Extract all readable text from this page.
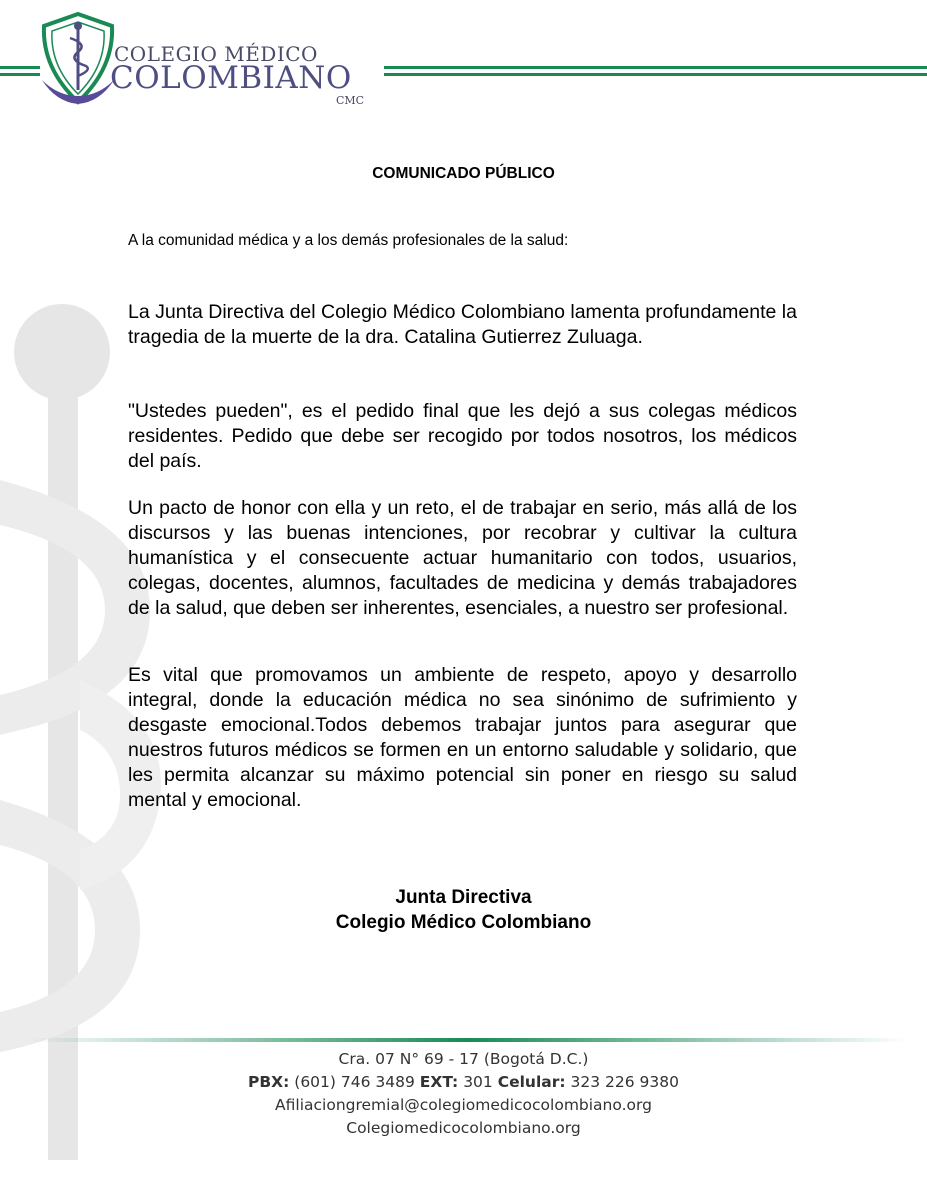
COLEGIO MÉDICO
COLOMBIANO
CMC
COMUNICADO PÚBLICO
A la comunidad médica y a los demás profesionales de la salud:

La Junta Directiva del Colegio Médico Colombiano lamenta profundamente la tragedia de la muerte de la dra. Catalina Gutierrez Zuluaga.

"Ustedes pueden", es el pedido final que les dejó a sus colegas médicos residentes. Pedido que debe ser recogido por todos nosotros, los médicos del país.

Un pacto de honor con ella y un reto, el de trabajar en serio, más allá de los discursos y las buenas intenciones, por recobrar y cultivar la cultura humanística y el consecuente actuar humanitario con todos, usuarios, colegas, docentes, alumnos, facultades de medicina y demás trabajadores de la salud, que deben ser inherentes, esenciales, a nuestro ser profesional.

Es vital que promovamos un ambiente de respeto, apoyo y desarrollo integral, donde la educación médica no sea sinónimo de sufrimiento y desgaste emocional.Todos debemos trabajar juntos para asegurar que nuestros futuros médicos se formen en un entorno saludable y solidario, que les permita alcanzar su máximo potencial sin poner en riesgo su salud mental y emocional.

Junta Directiva
Colegio Médico Colombiano
Cra. 07 N° 69 - 17 (Bogotá D.C.)
PBX: (601) 746 3489 EXT: 301 Celular: 323 226 9380
Afiliaciongremial@colegiomedicocolombiano.org
Colegiomedicocolombiano.org
